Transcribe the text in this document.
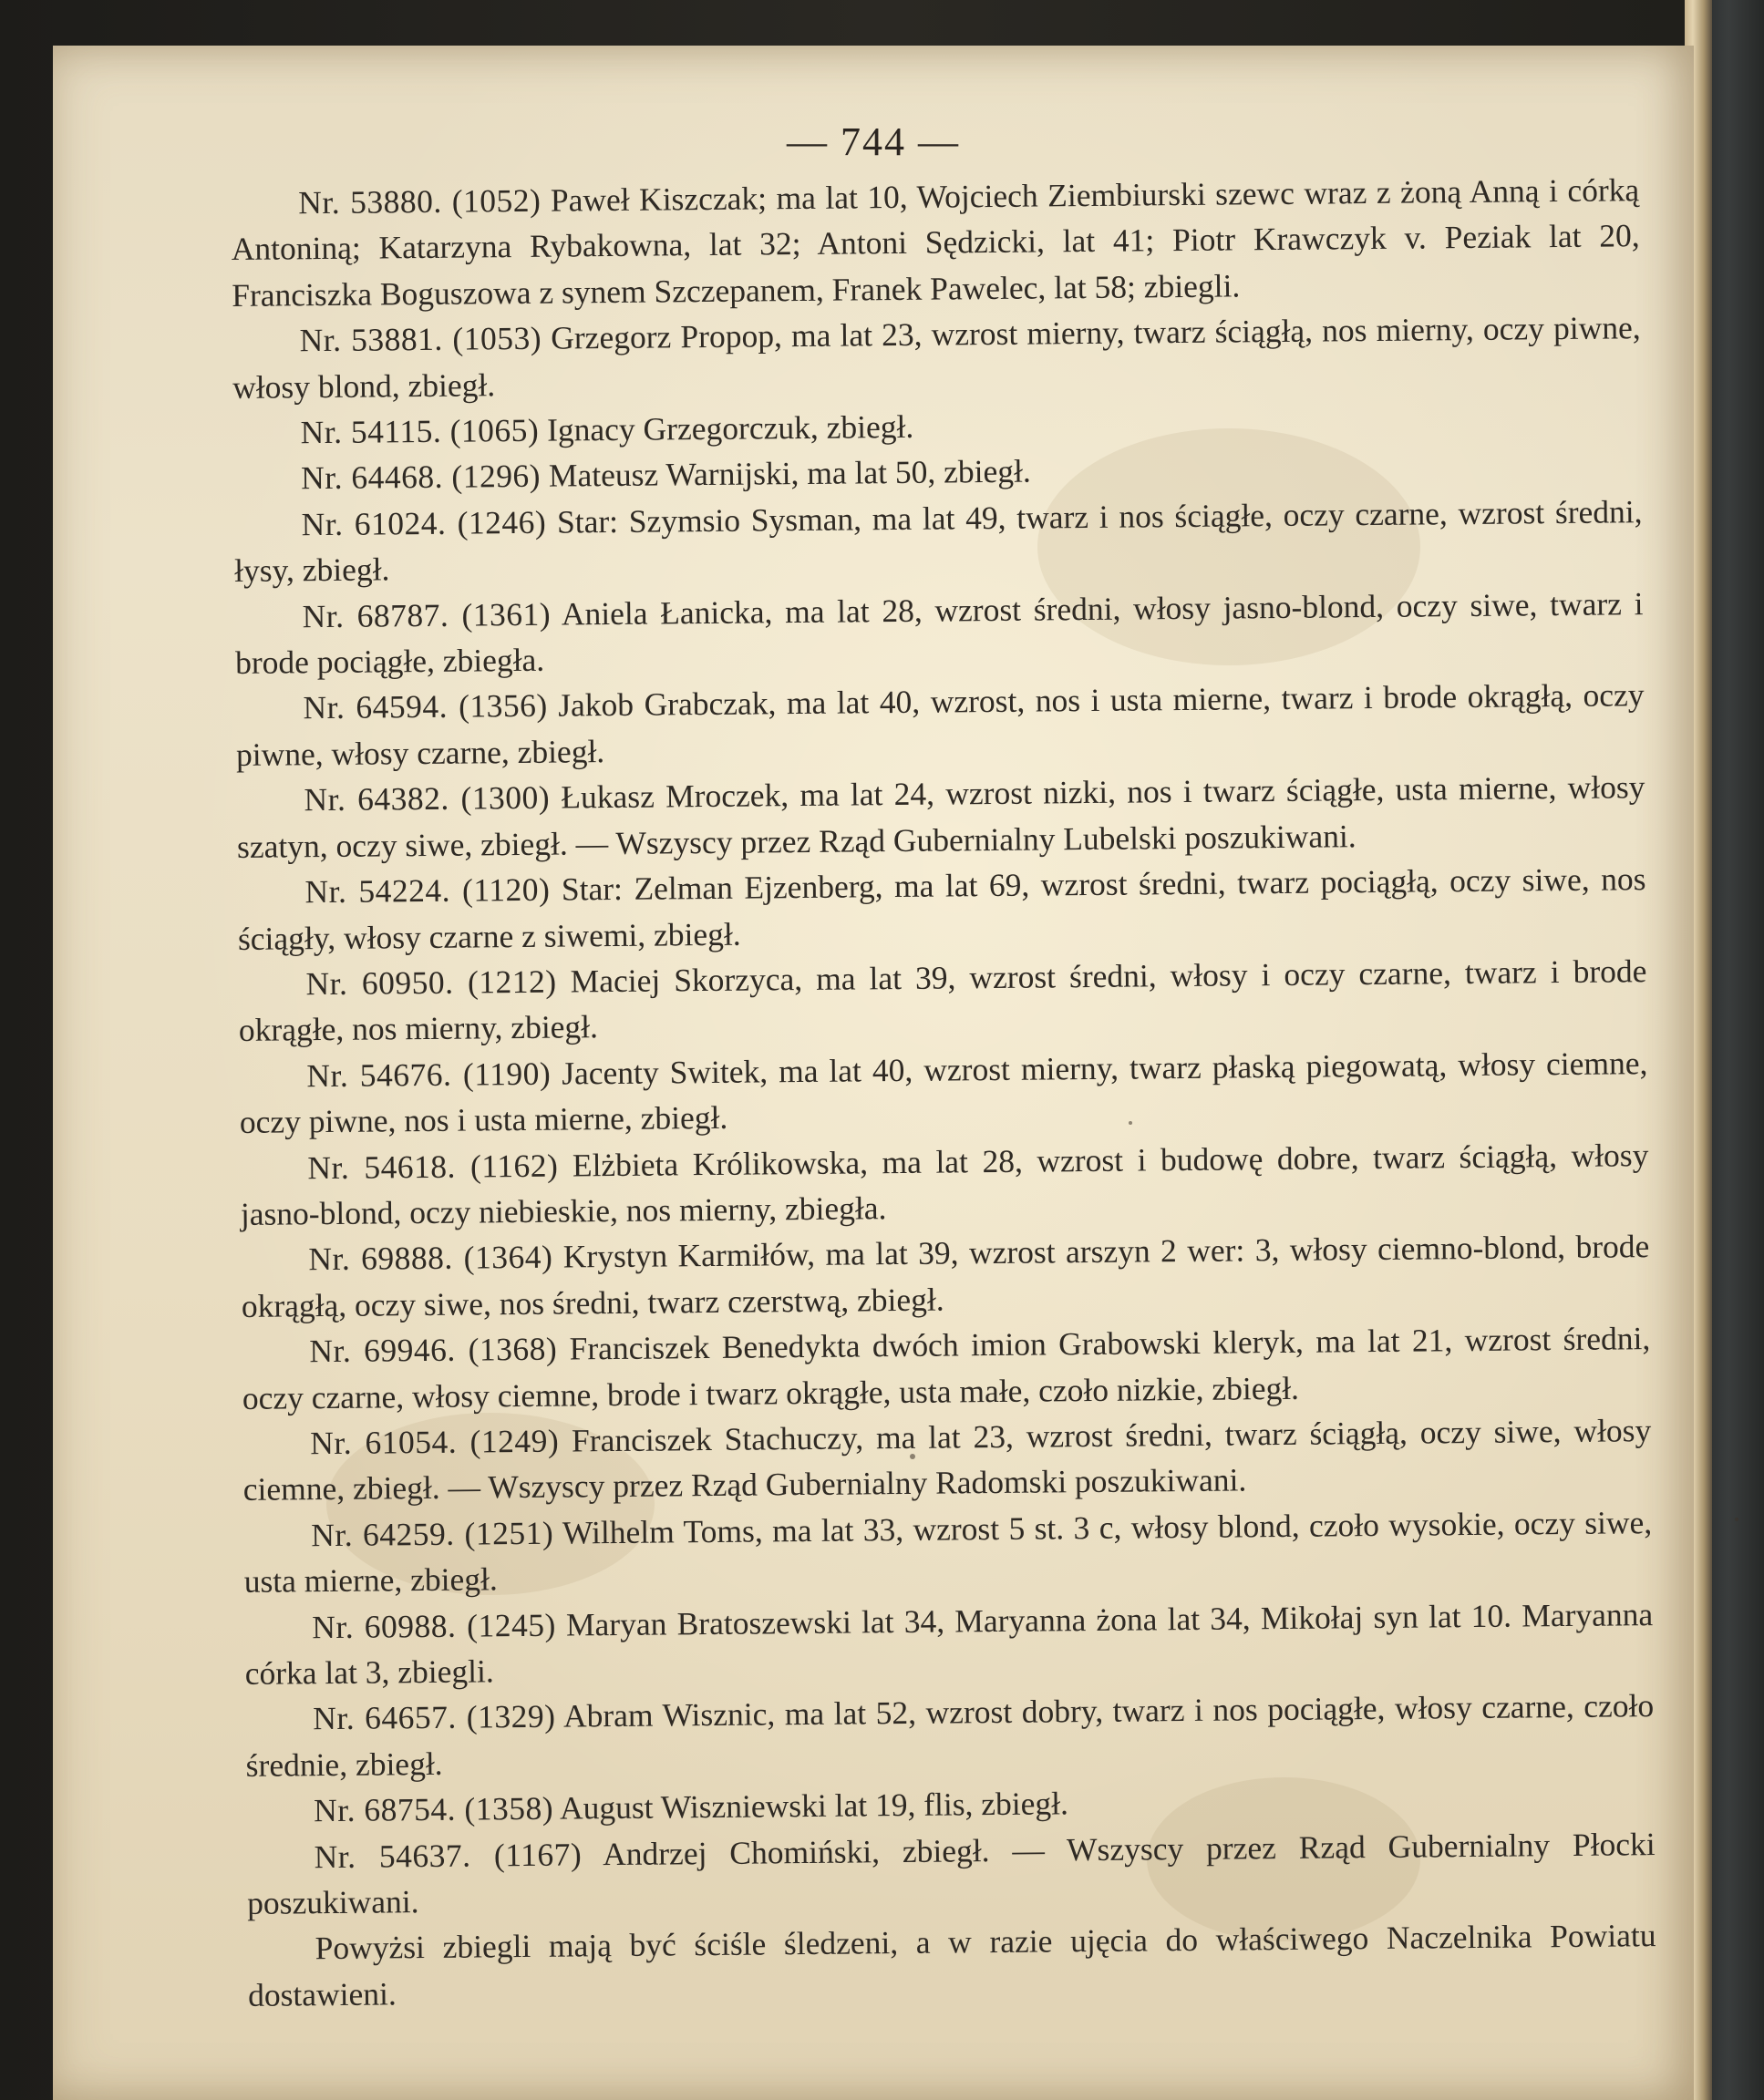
— 744 —

Nr. 53880. (1052) Paweł Kiszczak; ma lat 10, Wojciech Ziembiurski szewc wraz z żoną Anną i córką Antoniną; Katarzyna Rybakowna, lat 32; Antoni Sędzicki, lat 41; Piotr Krawczyk v. Peziak lat 20, Franciszka Boguszowa z synem Szczepanem, Franek Pawelec, lat 58; zbiegli.

Nr. 53881. (1053) Grzegorz Propop, ma lat 23, wzrost mierny, twarz ściągłą, nos mierny, oczy piwne, włosy blond, zbiegł.

Nr. 54115. (1065) Ignacy Grzegorczuk, zbiegł.

Nr. 64468. (1296) Mateusz Warnijski, ma lat 50, zbiegł.

Nr. 61024. (1246) Star: Szymsio Sysman, ma lat 49, twarz i nos ściągłe, oczy czarne, wzrost średni, łysy, zbiegł.

Nr. 68787. (1361) Aniela Łanicka, ma lat 28, wzrost średni, włosy jasno-blond, oczy siwe, twarz i brode pociągłe, zbiegła.

Nr. 64594. (1356) Jakob Grabczak, ma lat 40, wzrost, nos i usta mierne, twarz i brode okrągłą, oczy piwne, włosy czarne, zbiegł.

Nr. 64382. (1300) Łukasz Mroczek, ma lat 24, wzrost nizki, nos i twarz ściągłe, usta mierne, włosy szatyn, oczy siwe, zbiegł. — Wszyscy przez Rząd Gubernialny Lubelski poszukiwani.

Nr. 54224. (1120) Star: Zelman Ejzenberg, ma lat 69, wzrost średni, twarz pociągłą, oczy siwe, nos ściągły, włosy czarne z siwemi, zbiegł.

Nr. 60950. (1212) Maciej Skorzyca, ma lat 39, wzrost średni, włosy i oczy czarne, twarz i brode okrągłe, nos mierny, zbiegł.

Nr. 54676. (1190) Jacenty Switek, ma lat 40, wzrost mierny, twarz płaską piegowatą, włosy ciemne, oczy piwne, nos i usta mierne, zbiegł.

Nr. 54618. (1162) Elżbieta Królikowska, ma lat 28, wzrost i budowę dobre, twarz ściągłą, włosy jasno-blond, oczy niebieskie, nos mierny, zbiegła.

Nr. 69888. (1364) Krystyn Karmiłów, ma lat 39, wzrost arszyn 2 wer: 3, włosy ciemno-blond, brode okrągłą, oczy siwe, nos średni, twarz czerstwą, zbiegł.

Nr. 69946. (1368) Franciszek Benedykta dwóch imion Grabowski kleryk, ma lat 21, wzrost średni, oczy czarne, włosy ciemne, brode i twarz okrągłe, usta małe, czoło nizkie, zbiegł.

Nr. 61054. (1249) Franciszek Stachuczy, ma lat 23, wzrost średni, twarz ściągłą, oczy siwe, włosy ciemne, zbiegł. — Wszyscy przez Rząd Gubernialny Radomski poszukiwani.

Nr. 64259. (1251) Wilhelm Toms, ma lat 33, wzrost 5 st. 3 c, włosy blond, czoło wysokie, oczy siwe, usta mierne, zbiegł.

Nr. 60988. (1245) Maryan Bratoszewski lat 34, Maryanna żona lat 34, Mikołaj syn lat 10. Maryanna córka lat 3, zbiegli.

Nr. 64657. (1329) Abram Wisznic, ma lat 52, wzrost dobry, twarz i nos pociągłe, włosy czarne, czoło średnie, zbiegł.

Nr. 68754. (1358) August Wiszniewski lat 19, flis, zbiegł.

Nr. 54637. (1167) Andrzej Chomiński, zbiegł. — Wszyscy przez Rząd Gubernialny Płocki poszukiwani.

Powyżsi zbiegli mają być ściśle śledzeni, a w razie ujęcia do właściwego Naczelnika Powiatu dostawieni.
